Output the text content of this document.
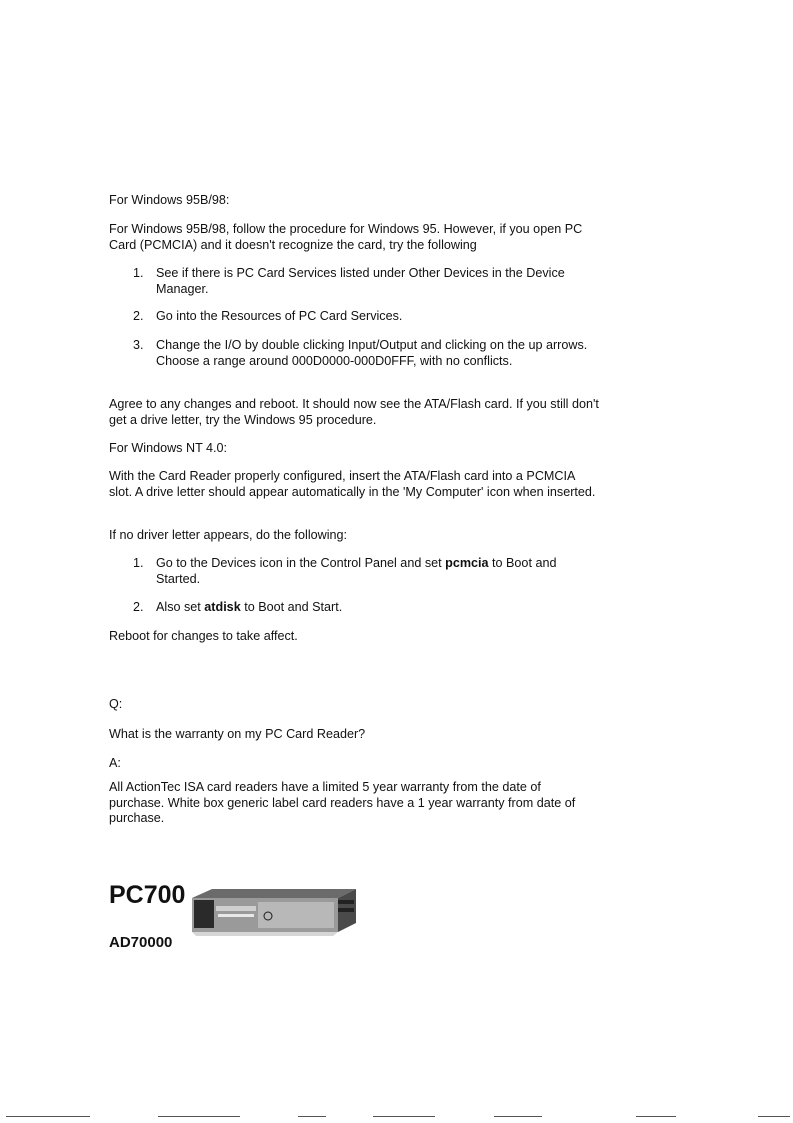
For Windows 95B/98:

For Windows 95B/98, follow the procedure for Windows 95. However, if you open PC Card (PCMCIA) and it doesn't recognize the card, try the following

1. See if there is PC Card Services listed under Other Devices in the Device Manager.
2. Go into the Resources of PC Card Services.
3. Change the I/O by double clicking Input/Output and clicking on the up arrows. Choose a range around 000D0000-000D0FFF, with no conflicts.

Agree to any changes and reboot. It should now see the ATA/Flash card. If you still don't get a drive letter, try the Windows 95 procedure.

For Windows NT 4.0:

With the Card Reader properly configured, insert the ATA/Flash card into a PCMCIA slot. A drive letter should appear automatically in the 'My Computer' icon when inserted.

If no driver letter appears, do the following:

1. Go to the Devices icon in the Control Panel and set pcmcia to Boot and Started.
2. Also set atdisk to Boot and Start.

Reboot for changes to take affect.

Q:

What is the warranty on my PC Card Reader?

A:

All ActionTec ISA card readers have a limited 5 year warranty from the date of purchase. White box generic label card readers have a 1 year warranty from date of purchase.

PC700
AD70000
